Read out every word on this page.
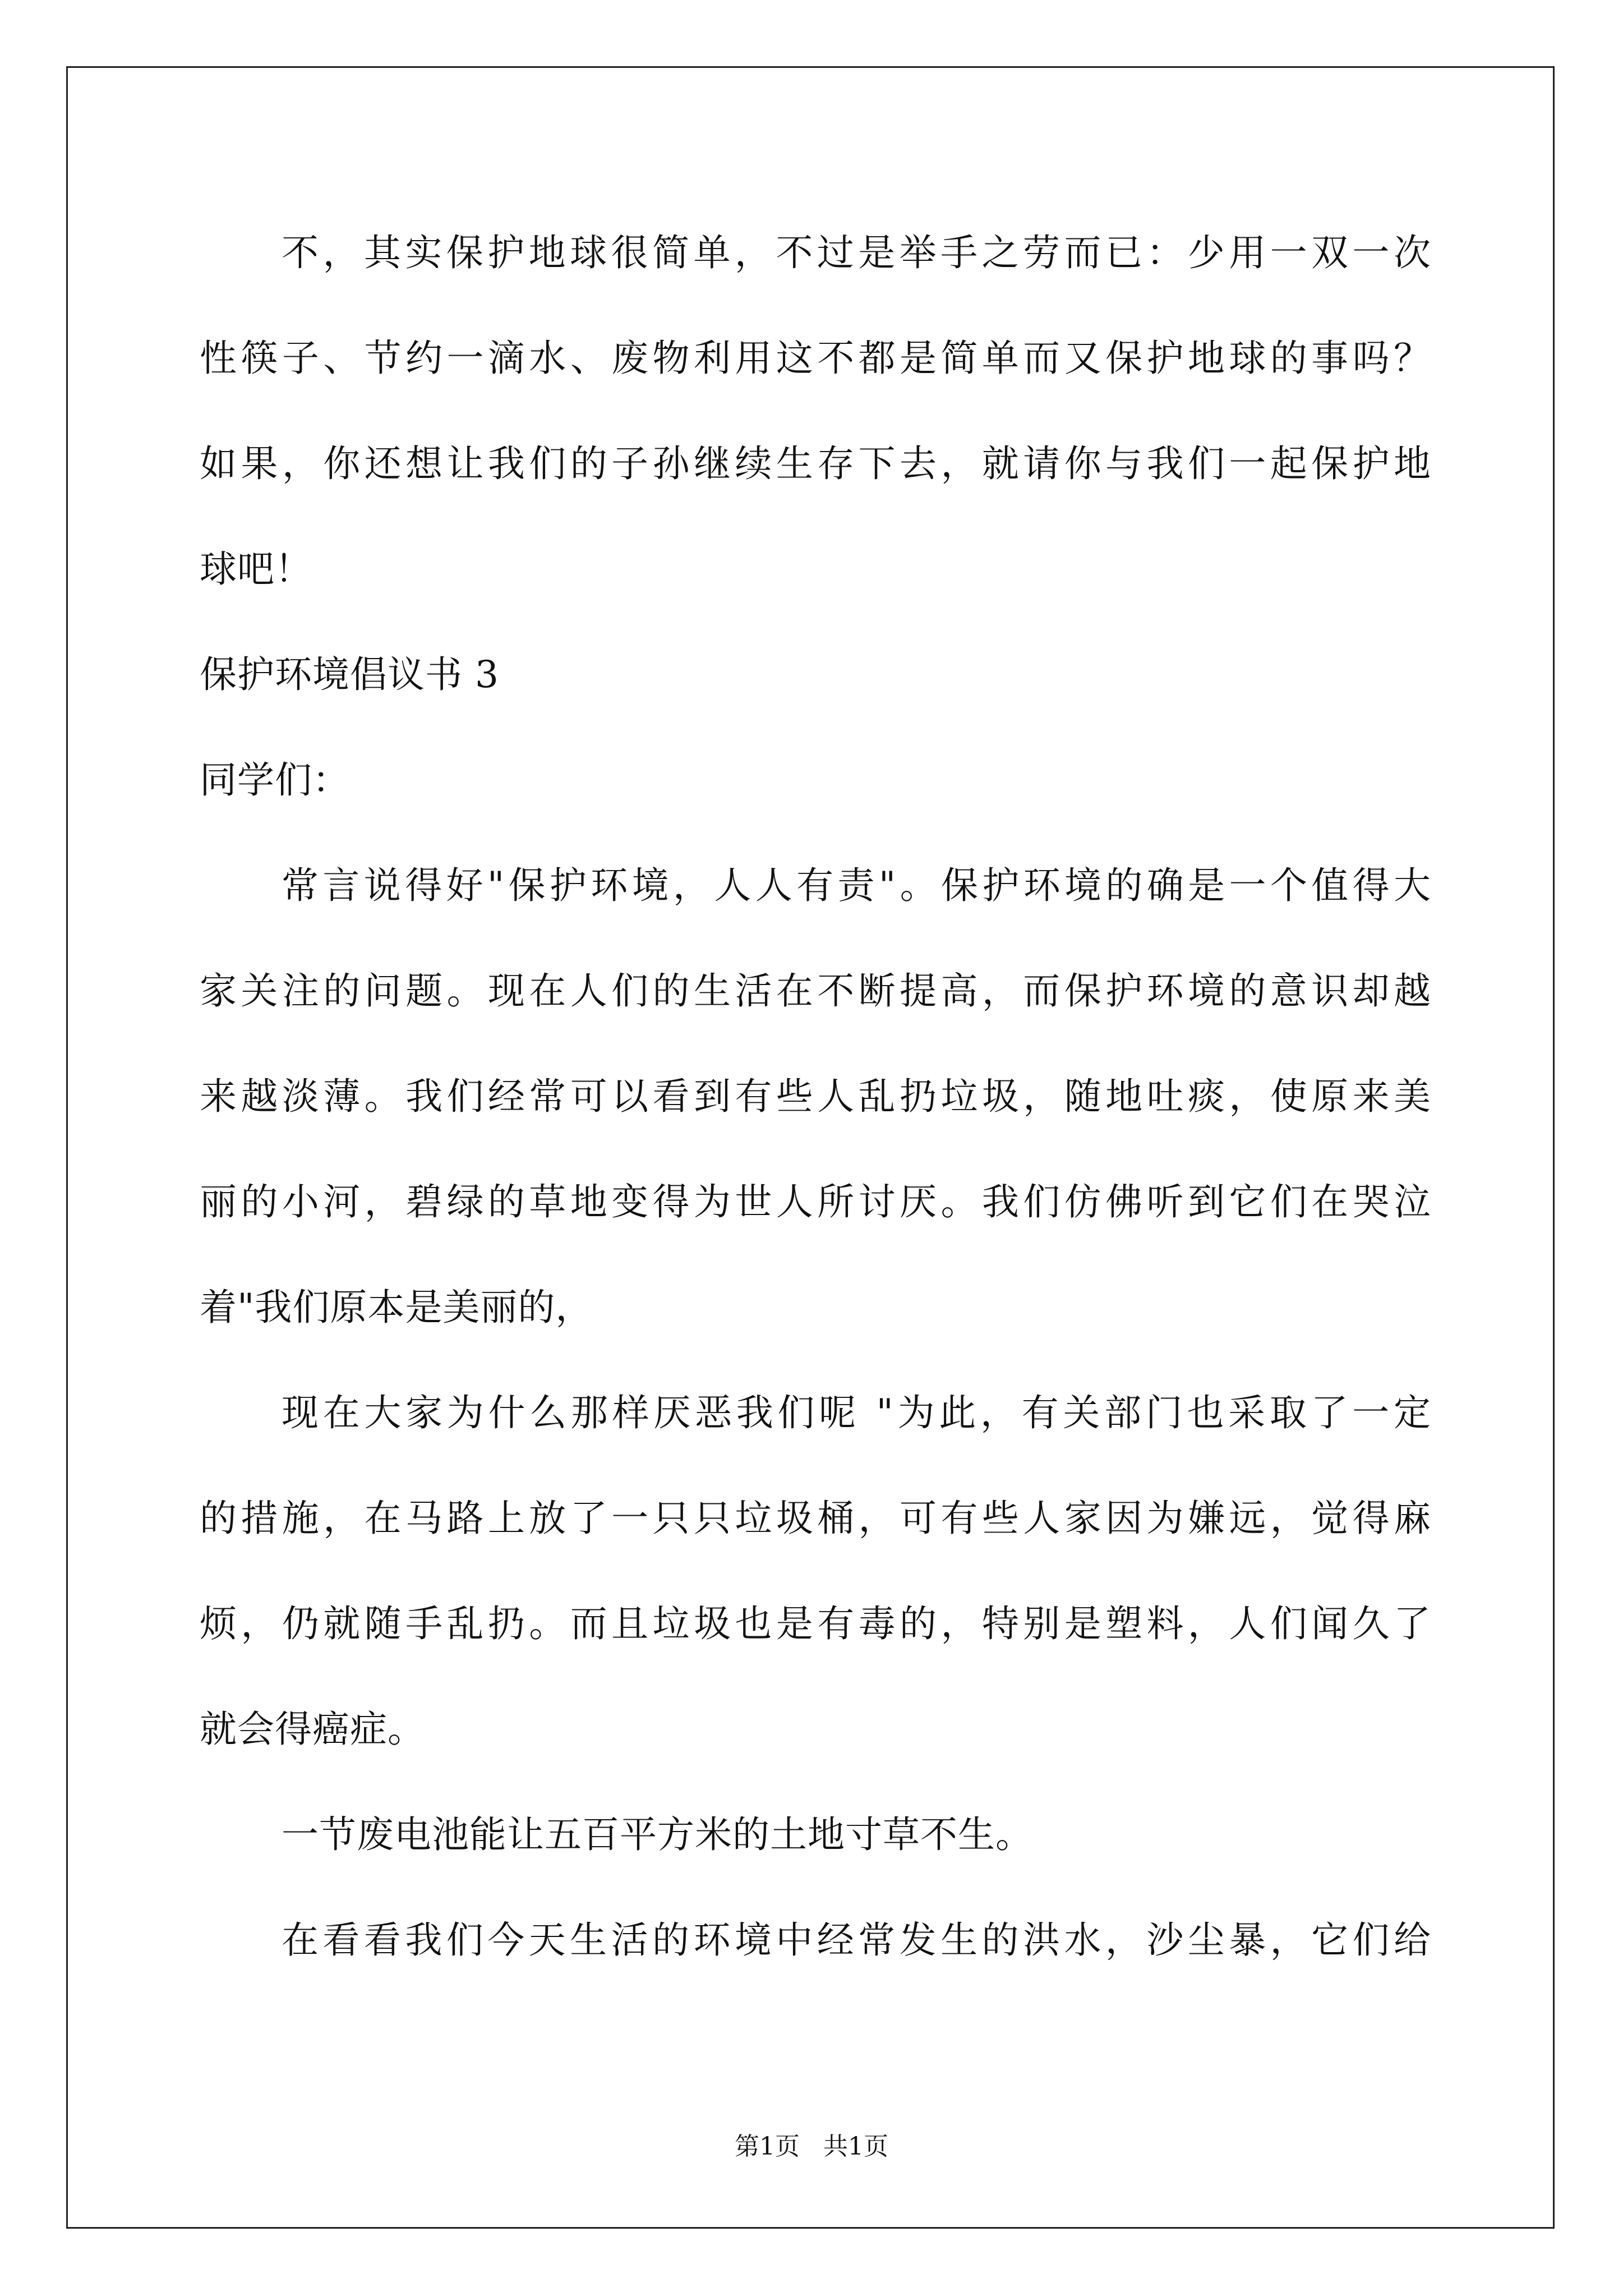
不，其实保护地球很简单，不过是举手之劳而已：少用一双一次
性筷子、节约一滴水、废物利用这不都是简单而又保护地球的事吗？
如果，你还想让我们的子孙继续生存下去，就请你与我们一起保护地
球吧！
保护环境倡议书 3
同学们：
常言说得好"保护环境，人人有责"。保护环境的确是一个值得大
家关注的问题。现在人们的生活在不断提高，而保护环境的意识却越
来越淡薄。我们经常可以看到有些人乱扔垃圾，随地吐痰，使原来美
丽的小河，碧绿的草地变得为世人所讨厌。我们仿佛听到它们在哭泣
着"我们原本是美丽的，
现在大家为什么那样厌恶我们呢 "为此，有关部门也采取了一定
的措施，在马路上放了一只只垃圾桶，可有些人家因为嫌远，觉得麻
烦，仍就随手乱扔。而且垃圾也是有毒的，特别是塑料，人们闻久了
就会得癌症。
一节废电池能让五百平方米的土地寸草不生。
在看看我们今天生活的环境中经常发生的洪水，沙尘暴，它们给
第1页   共1页
